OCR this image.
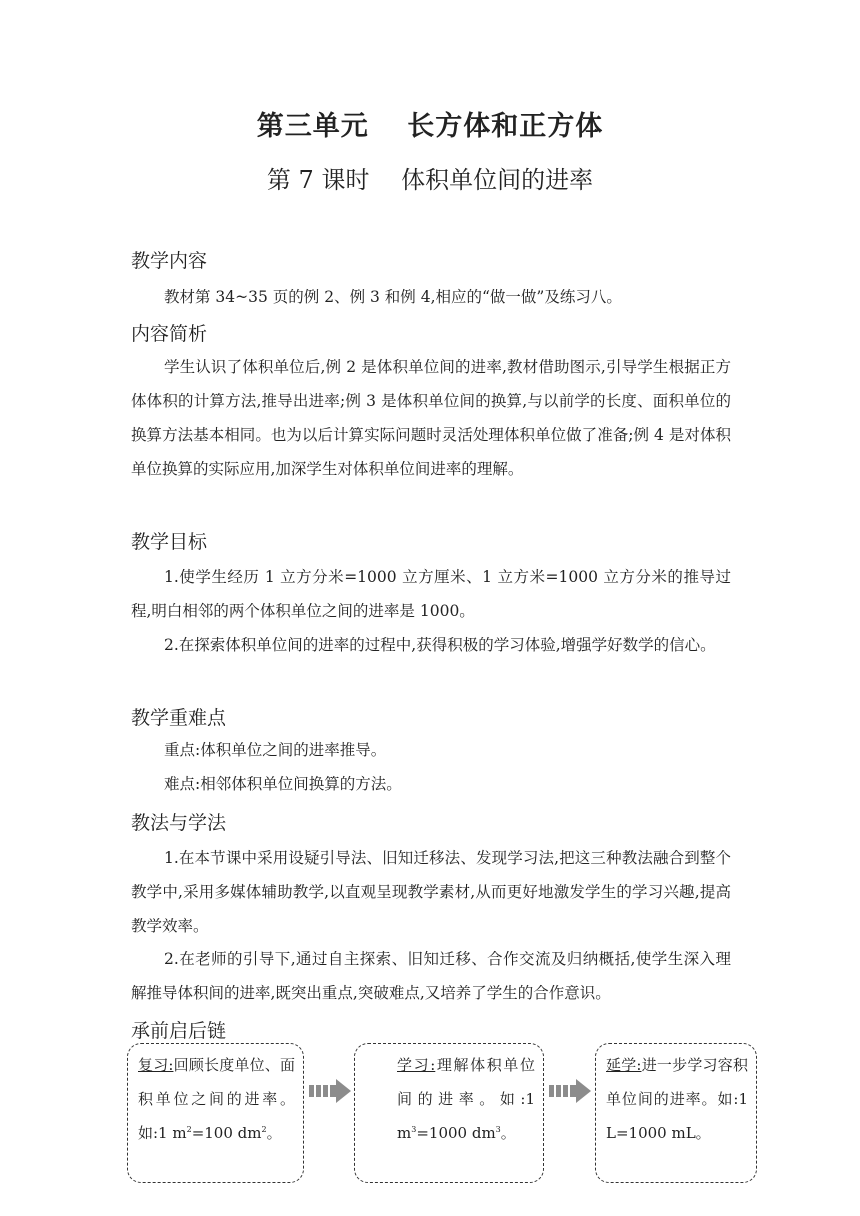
第三单元　 长方体和正方体
第 7 课时　 体积单位间的进率
教学内容

教材第 34~35 页的例 2、例 3 和例 4,相应的“做一做”及练习八。

内容简析

学生认识了体积单位后,例 2 是体积单位间的进率,教材借助图示,引导学生根据正方体体积的计算方法,推导出进率;例 3 是体积单位间的换算,与以前学的长度、面积单位的换算方法基本相同。也为以后计算实际问题时灵活处理体积单位做了准备;例 4 是对体积单位换算的实际应用,加深学生对体积单位间进率的理解。

教学目标

1.使学生经历 1 立方分米=1000 立方厘米、1 立方米=1000 立方分米的推导过程,明白相邻的两个体积单位之间的进率是 1000。

2.在探索体积单位间的进率的过程中,获得积极的学习体验,增强学好数学的信心。

教学重难点

重点:体积单位之间的进率推导。

难点:相邻体积单位间换算的方法。

教法与学法

1.在本节课中采用设疑引导法、旧知迁移法、发现学习法,把这三种教法融合到整个教学中,采用多媒体辅助教学,以直观呈现教学素材,从而更好地激发学生的学习兴趣,提高教学效率。

2.在老师的引导下,通过自主探索、旧知迁移、合作交流及归纳概括,使学生深入理解推导体积间的进率,既突出重点,突破难点,又培养了学生的合作意识。

承前启后链
复习:回顾长度单位、面积单位之间的进率。如:1 $m^2=100$ $dm^2$。
学习:理解体积单位间的进率。如:1 $m^3=1000$ $dm^3$。
延学:进一步学习容积单位间的进率。如:1 L=1000 mL。
